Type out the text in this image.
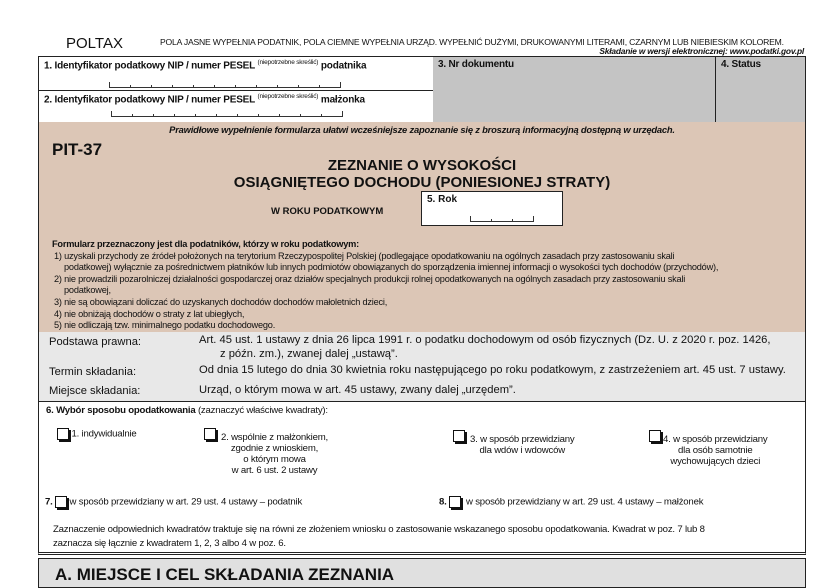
POLTAX	POLA JASNE WYPEŁNIA PODATNIK, POLA CIEMNE WYPEŁNIA URZĄD. WYPEŁNIĆ DUŻYMI, DRUKOWANYMI LITERAMI, CZARNYM LUB NIEBIESKIM KOLOREM.
Składanie w wersji elektronicznej: www.podatki.gov.pl
1. Identyfikator podatkowy NIP / numer PESEL $^{(niepotrzebne skreślić)}$ podatnika
2. Identyfikator podatkowy NIP / numer PESEL $^{(niepotrzebne skreślić)}$ małżonka
3. Nr dokumentu	4. Status
Prawidłowe wypełnienie formularza ułatwi wcześniejsze zapoznanie się z broszurą informacyjną dostępną w urzędach.
PIT-37
ZEZNANIE O WYSOKOŚCI
OSIĄGNIĘTEGO DOCHODU (PONIESIONEJ STRATY)
W ROKU PODATKOWYM
5. Rok
Formularz przeznaczony jest dla podatników, którzy w roku podatkowym:
1) uzyskali przychody ze źródeł położonych na terytorium Rzeczypospolitej Polskiej (podlegające opodatkowaniu na ogólnych zasadach przy zastosowaniu skali
podatkowej) wyłącznie za pośrednictwem płatników lub innych podmiotów obowiązanych do sporządzenia imiennej informacji o wysokości tych dochodów (przychodów),
2) nie prowadzili pozarolniczej działalności gospodarczej oraz działów specjalnych produkcji rolnej opodatkowanych na ogólnych zasadach przy zastosowaniu skali
podatkowej,
3) nie są obowiązani doliczać do uzyskanych dochodów dochodów małoletnich dzieci,
4) nie obniżają dochodów o straty z lat ubiegłych,
5) nie odliczają tzw. minimalnego podatku dochodowego.
Podstawa prawna:	Art. 45 ust. 1 ustawy z dnia 26 lipca 1991 r. o podatku dochodowym od osób fizycznych (Dz. U. z 2020 r. poz. 1426,
z późn. zm.), zwanej dalej „ustawą”.
Termin składania:	Od dnia 15 lutego do dnia 30 kwietnia roku następującego po roku podatkowym, z zastrzeżeniem art. 45 ust. 7 ustawy.
Miejsce składania:	Urząd, o którym mowa w art. 45 ustawy, zwany dalej „urzędem”.
6. Wybór sposobu opodatkowania (zaznaczyć właściwe kwadraty):
1. indywidualnie	2. wspólnie z małżonkiem,
zgodnie z wnioskiem,
o którym mowa
w art. 6 ust. 2 ustawy
3. w sposób przewidziany
dla wdów i wdowców
4. w sposób przewidziany
dla osób samotnie
wychowujących dzieci
7. w sposób przewidziany w art. 29 ust. 4 ustawy – podatnik	8. w sposób przewidziany w art. 29 ust. 4 ustawy – małżonek
Zaznaczenie odpowiednich kwadratów traktuje się na równi ze złożeniem wniosku o zastosowanie wskazanego sposobu opodatkowania. Kwadrat w poz. 7 lub 8
zaznacza się łącznie z kwadratem 1, 2, 3 albo 4 w poz. 6.
A. MIEJSCE I CEL SKŁADANIA ZEZNANIA
